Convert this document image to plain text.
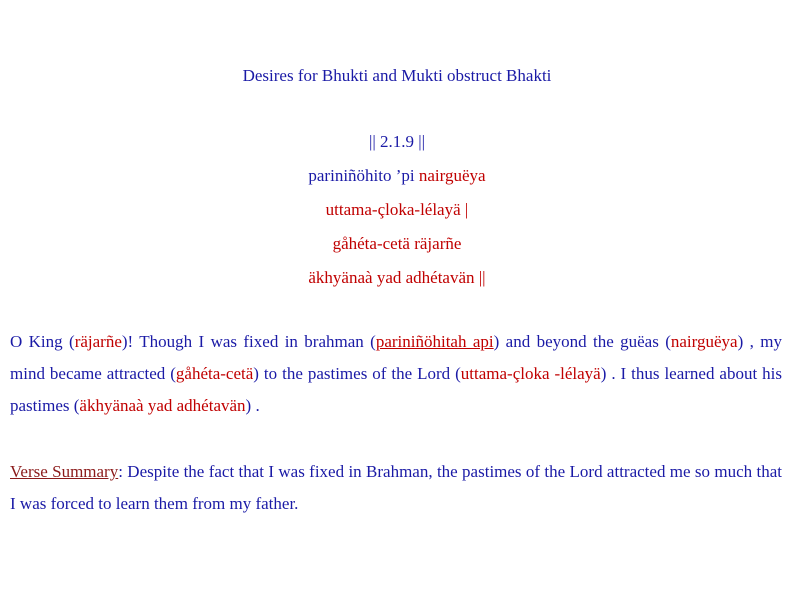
Desires for Bhukti and Mukti obstruct Bhakti
|| 2.1.9 ||
pariniñöhito ’pi nairguëya
uttama-çloka-lélayä |
gåhéta-cetä räjarñe
äkhyänaà yad adhétavän ||
O King (räjarñe)! Though I was fixed in brahman (pariniñöhitah api) and beyond the guëas (nairguëya) , my mind became attracted (gåhéta-cetä) to the pastimes of the Lord (uttama-çloka -lélayä) . I thus learned about his pastimes (äkhyänaà yad adhétavän) .
Verse Summary: Despite the fact that I was fixed in Brahman, the pastimes of the Lord attracted me so much that I was forced to learn them from my father.
